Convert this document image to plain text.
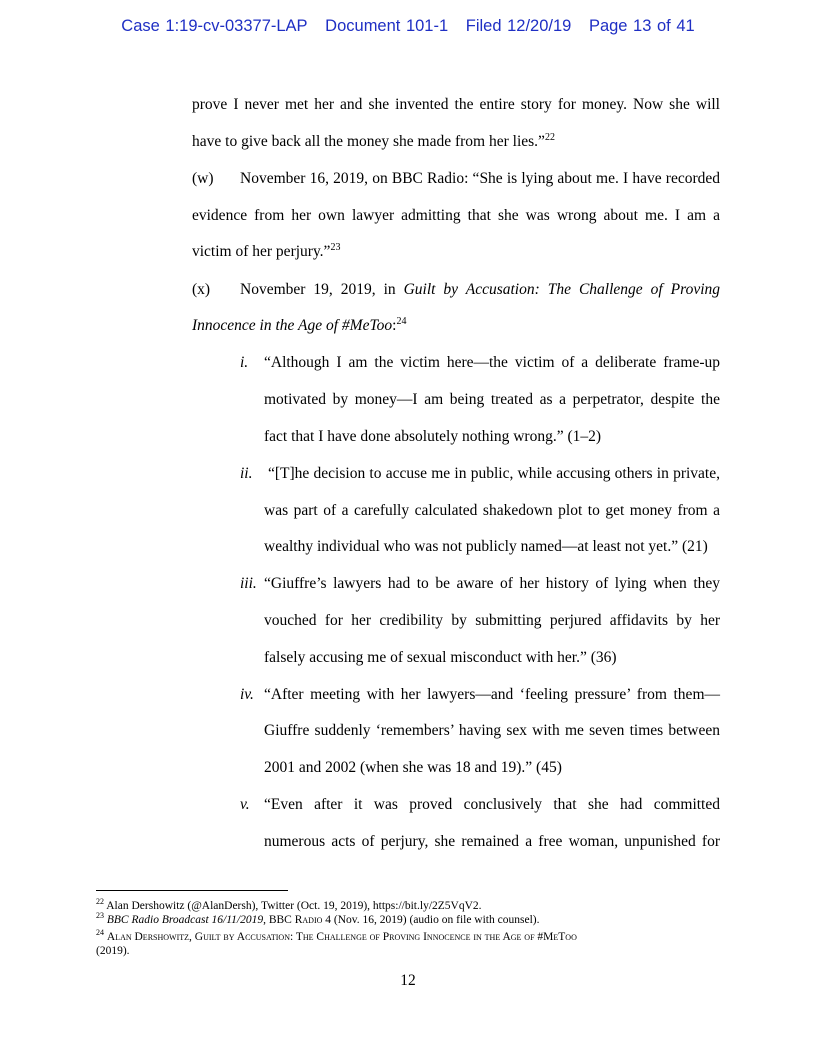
Case 1:19-cv-03377-LAP Document 101-1 Filed 12/20/19 Page 13 of 41
prove I never met her and she invented the entire story for money. Now she will
have to give back all the money she made from her lies.”$^{22}$
(w) November 16, 2019, on BBC Radio: “She is lying about me. I have recorded
evidence from her own lawyer admitting that she was wrong about me. I am a
victim of her perjury.”$^{23}$
(x) November 19, 2019, in Guilt by Accusation: The Challenge of Proving
Innocence in the Age of #MeToo:$^{24}$
i. “Although I am the victim here—the victim of a deliberate frame-up
motivated by money—I am being treated as a perpetrator, despite the
fact that I have done absolutely nothing wrong.” (1–2)
ii. “[T]he decision to accuse me in public, while accusing others in private,
was part of a carefully calculated shakedown plot to get money from a
wealthy individual who was not publicly named—at least not yet.” (21)
iii. “Giuffre’s lawyers had to be aware of her history of lying when they
vouched for her credibility by submitting perjured affidavits by her
falsely accusing me of sexual misconduct with her.” (36)
iv. “After meeting with her lawyers—and ‘feeling pressure’ from them—
Giuffre suddenly ‘remembers’ having sex with me seven times between
2001 and 2002 (when she was 18 and 19).” (45)
v. “Even after it was proved conclusively that she had committed
numerous acts of perjury, she remained a free woman, unpunished for
$^{22}$ Alan Dershowitz (@AlanDersh), Twitter (Oct. 19, 2019), https://bit.ly/2Z5VqV2.
$^{23}$ BBC Radio Broadcast 16/11/2019, BBC Radio 4 (Nov. 16, 2019) (audio on file with counsel).
$^{24}$ Alan Dershowitz, Guilt by Accusation: The Challenge of Proving Innocence in the Age of #MeToo
(2019).
12
